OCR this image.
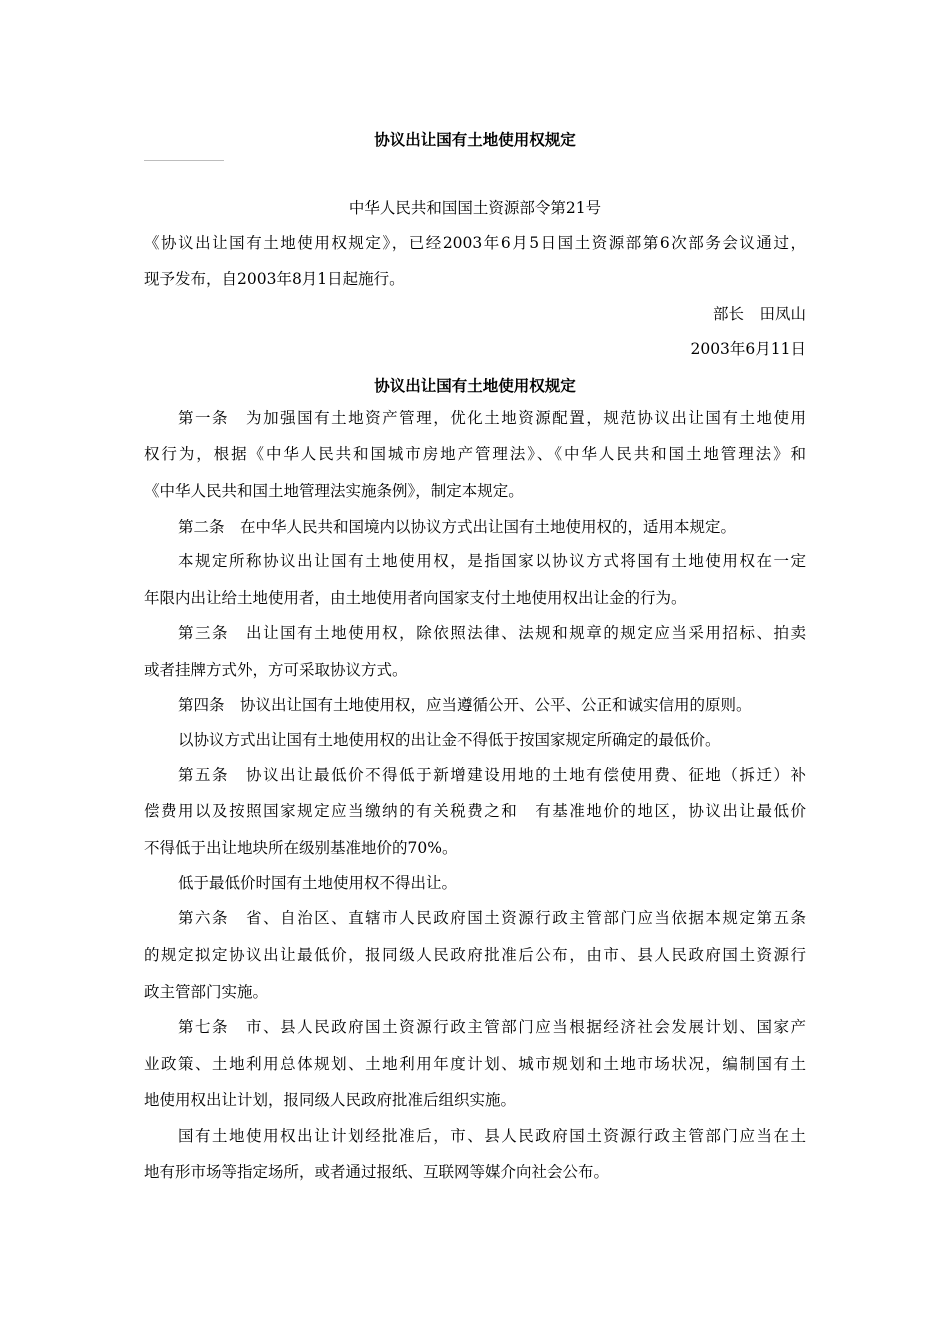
协议出让国有土地使用权规定
中华人民共和国国土资源部令第21号
《协议出让国有土地使用权规定》，已经2003年6月5日国土资源部第6次部务会议通过，
现予发布，自2003年8月1日起施行。
部长　田凤山
2003年6月11日
协议出让国有土地使用权规定
第一条　为加强国有土地资产管理，优化土地资源配置，规范协议出让国有土地使用
权行为，根据《中华人民共和国城市房地产管理法》、《中华人民共和国土地管理法》和
《中华人民共和国土地管理法实施条例》，制定本规定。
第二条　在中华人民共和国境内以协议方式出让国有土地使用权的，适用本规定。
本规定所称协议出让国有土地使用权，是指国家以协议方式将国有土地使用权在一定
年限内出让给土地使用者，由土地使用者向国家支付土地使用权出让金的行为。
第三条　出让国有土地使用权，除依照法律、法规和规章的规定应当采用招标、拍卖
或者挂牌方式外，方可采取协议方式。
第四条　协议出让国有土地使用权，应当遵循公开、公平、公正和诚实信用的原则。
以协议方式出让国有土地使用权的出让金不得低于按国家规定所确定的最低价。
第五条　协议出让最低价不得低于新增建设用地的土地有偿使用费、征地（拆迁）补
偿费用以及按照国家规定应当缴纳的有关税费之和　有基准地价的地区，协议出让最低价
不得低于出让地块所在级别基准地价的70%。
低于最低价时国有土地使用权不得出让。
第六条　省、自治区、直辖市人民政府国土资源行政主管部门应当依据本规定第五条
的规定拟定协议出让最低价，报同级人民政府批准后公布，由市、县人民政府国土资源行
政主管部门实施。
第七条　市、县人民政府国土资源行政主管部门应当根据经济社会发展计划、国家产
业政策、土地利用总体规划、土地利用年度计划、城市规划和土地市场状况，编制国有土
地使用权出让计划，报同级人民政府批准后组织实施。
国有土地使用权出让计划经批准后，市、县人民政府国土资源行政主管部门应当在土
地有形市场等指定场所，或者通过报纸、互联网等媒介向社会公布。
